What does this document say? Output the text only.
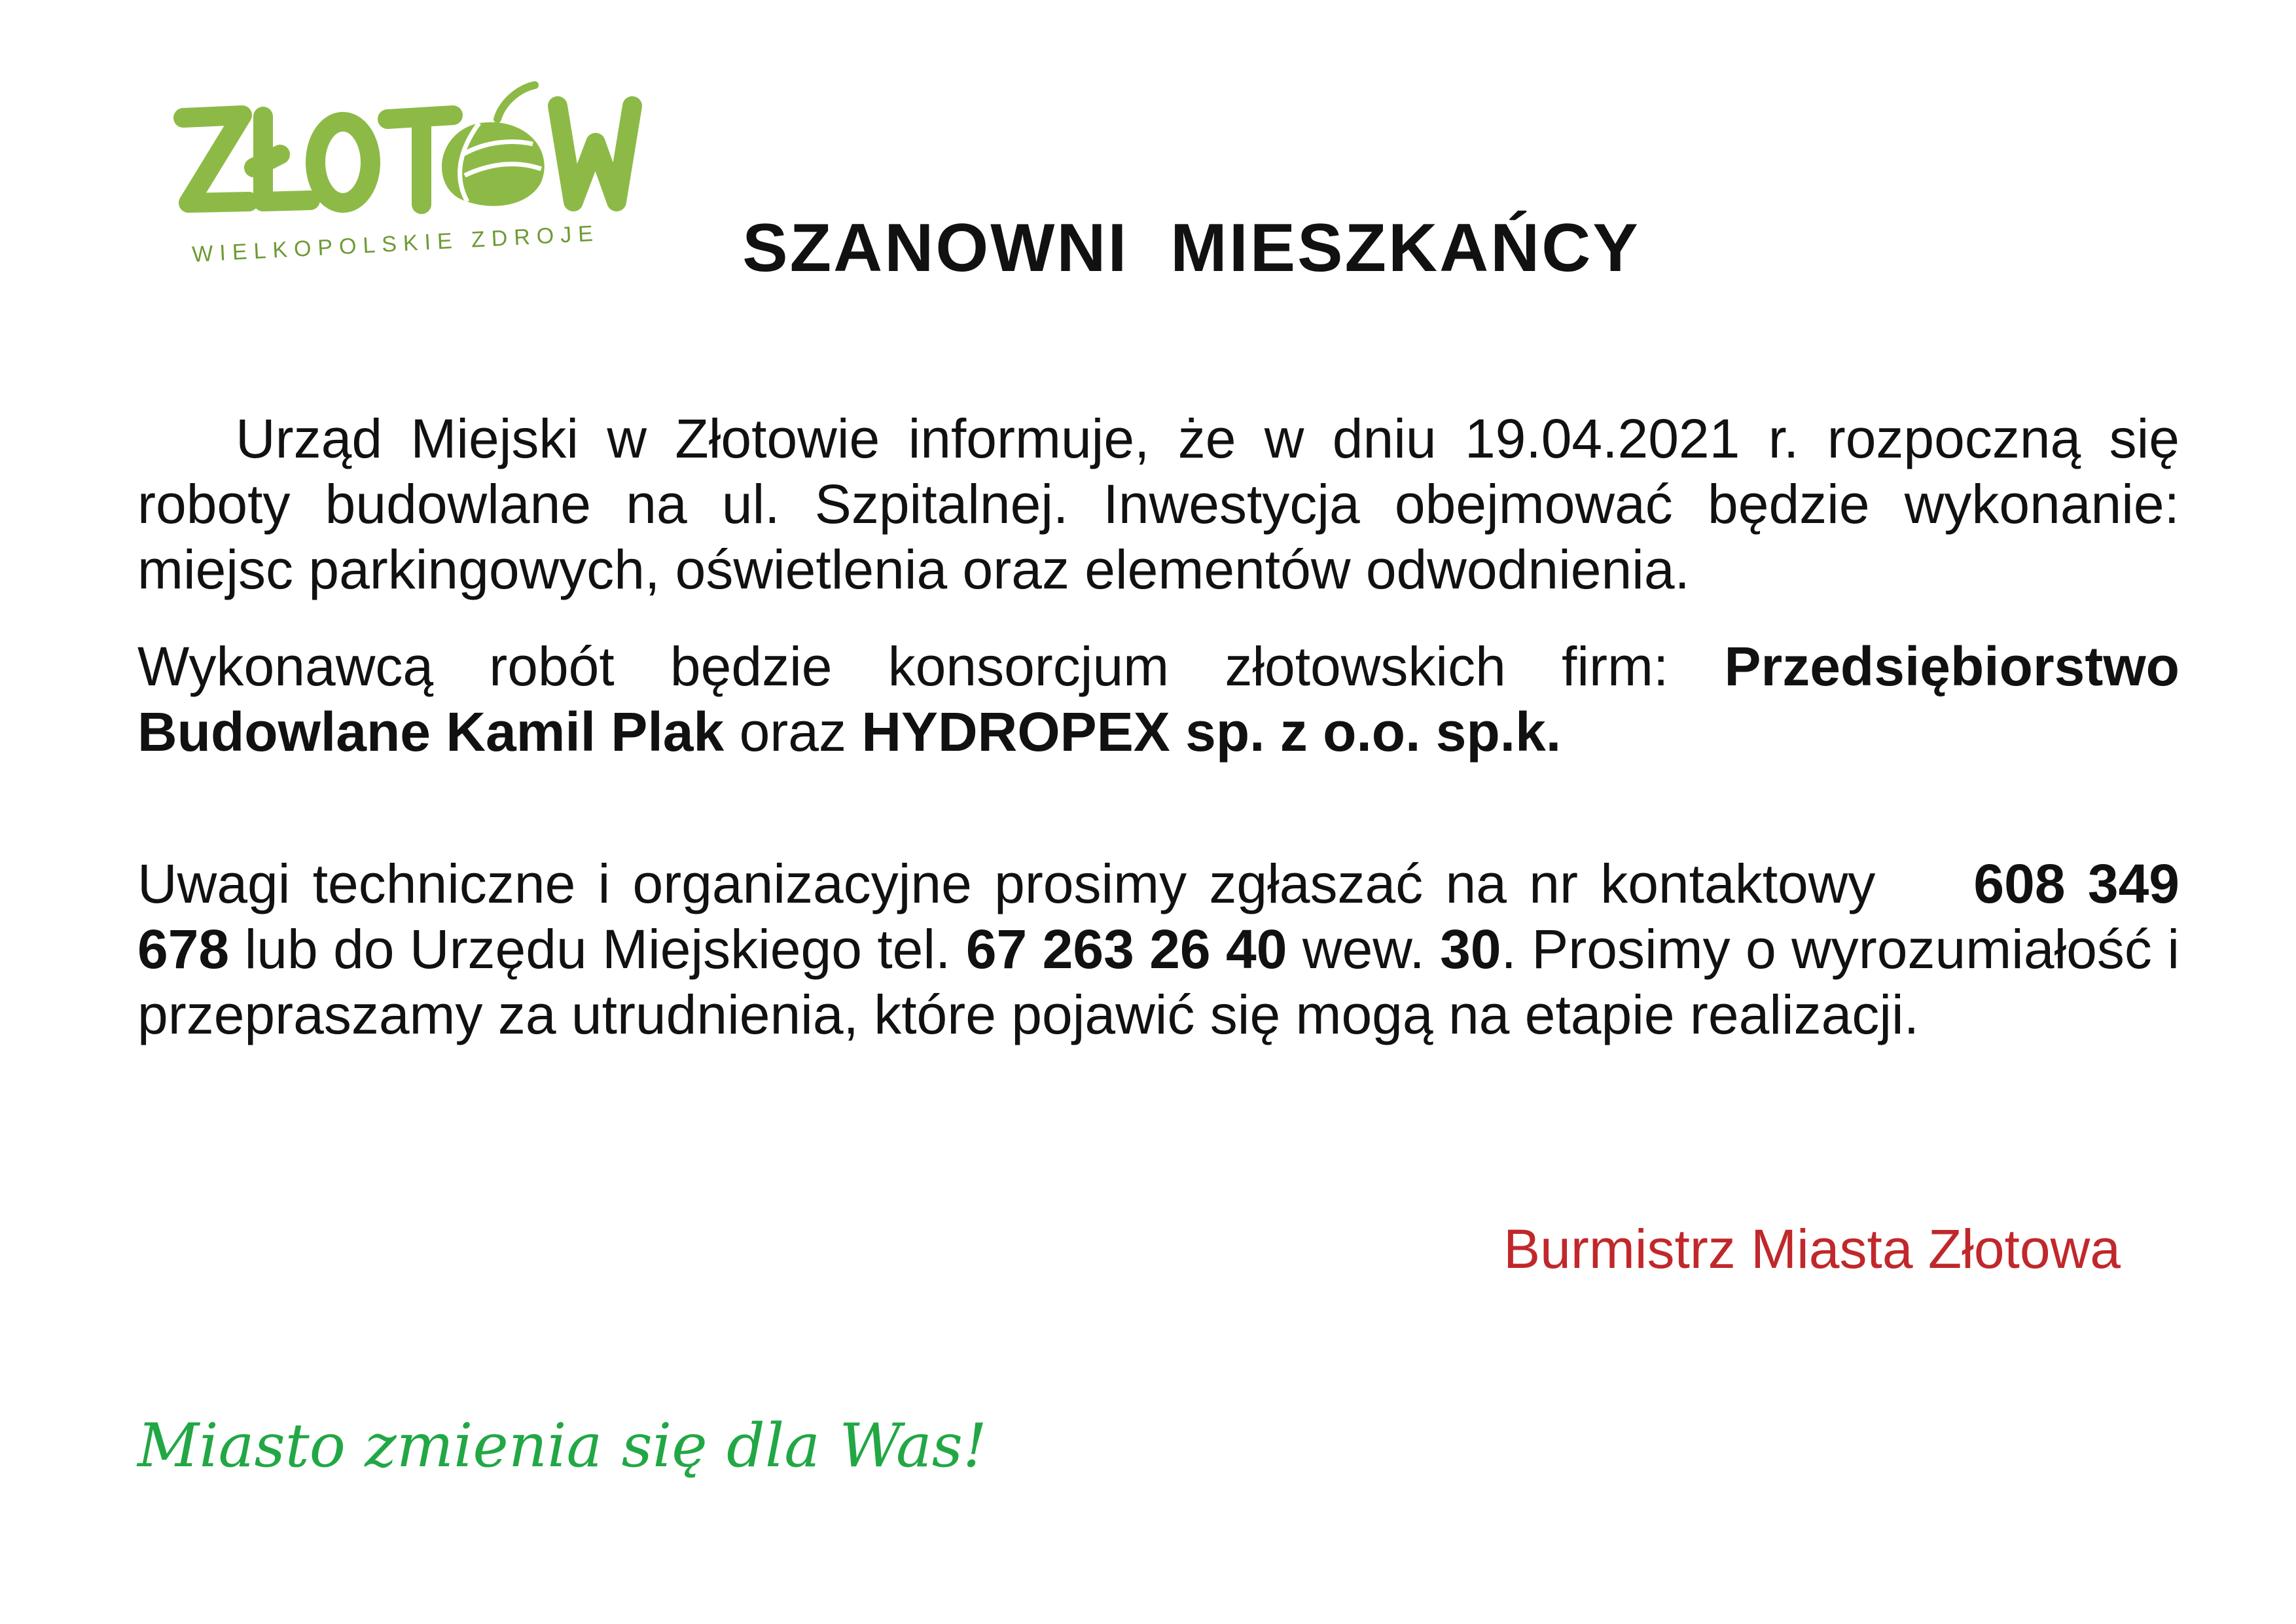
WIELKOPOLSKIE ZDROJE	SZANOWNI  MIESZKAŃCY

Urząd Miejski w Złotowie informuje, że w dniu 19.04.2021 r. rozpoczną się roboty budowlane na ul. Szpitalnej. Inwestycja obejmować będzie wykonanie: miejsc parkingowych, oświetlenia oraz elementów odwodnienia.

Wykonawcą robót będzie konsorcjum złotowskich firm: Przedsiębiorstwo Budowlane Kamil Plak oraz HYDROPEX sp. z o.o. sp.k.

Uwagi techniczne i organizacyjne prosimy zgłaszać na nr kontaktowy 608 349 678 lub do Urzędu Miejskiego tel. 67 263 26 40 wew. 30. Prosimy o wyrozumiałość i przepraszamy za utrudnienia, które pojawić się mogą na etapie realizacji.

Burmistrz Miasta Złotowa
Miasto zmienia się dla Was!
